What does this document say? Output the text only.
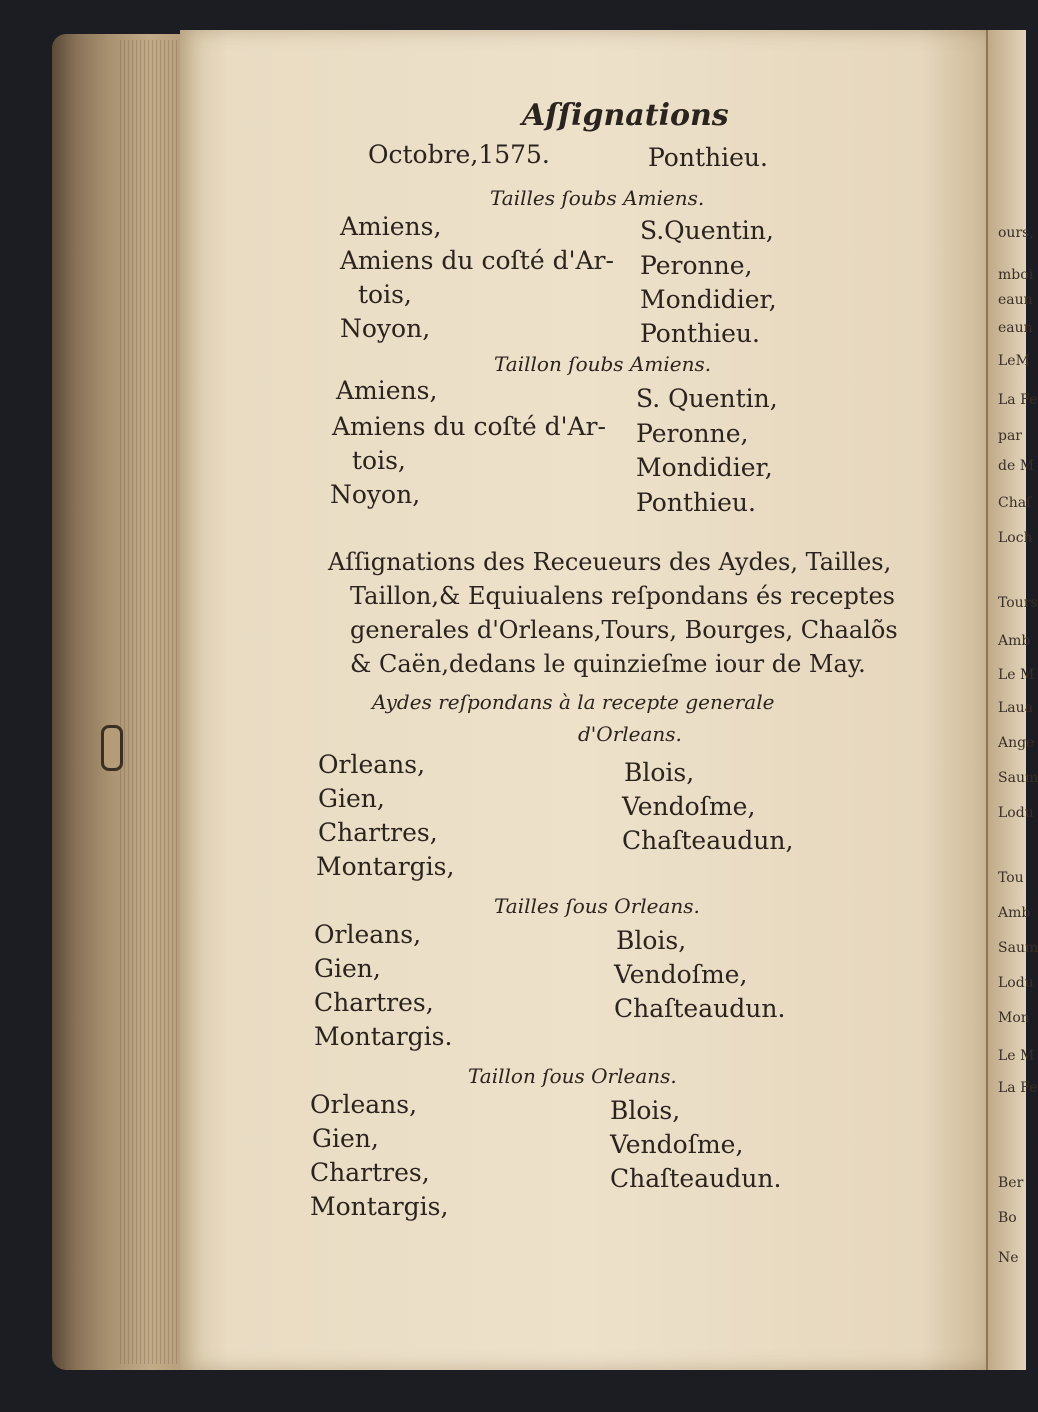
ours,
mboi
eaun
eaun
LeM
La Fe
par
de M
Chaſ
Loch
Tours
Amb
Le M
Laua
Ange
Saum
Lodu
Tou
Amb
Saum
Lodu
Mon
Le M
La Fe
Ber
Bo
Ne
Aſſignations
Octobre,1575.	Ponthieu.
Tailles ſoubs Amiens.
Amiens,
Amiens du coſté d'Ar-
tois,
Noyon,
S.Quentin,
Peronne,
Mondidier,
Ponthieu.
Taillon ſoubs Amiens.
Amiens,
Amiens du coſté d'Ar-
tois,
Noyon,
S. Quentin,
Peronne,
Mondidier,
Ponthieu.
Aſſignations des Receueurs des Aydes, Tailles,
Taillon,& Equiualens reſpondans és receptes
generales d'Orleans,Tours, Bourges, Chaalõs
& Caën,dedans le quinzieſme iour de May.
Aydes reſpondans à la recepte generale
d'Orleans.
Orleans,
Gien,
Chartres,
Montargis,
Blois,
Vendoſme,
Chaſteaudun,
Tailles ſous Orleans.
Orleans,
Gien,
Chartres,
Montargis.
Blois,
Vendoſme,
Chaſteaudun.
Taillon ſous Orleans.
Orleans,
Gien,
Chartres,
Montargis,
Blois,
Vendoſme,
Chaſteaudun.
